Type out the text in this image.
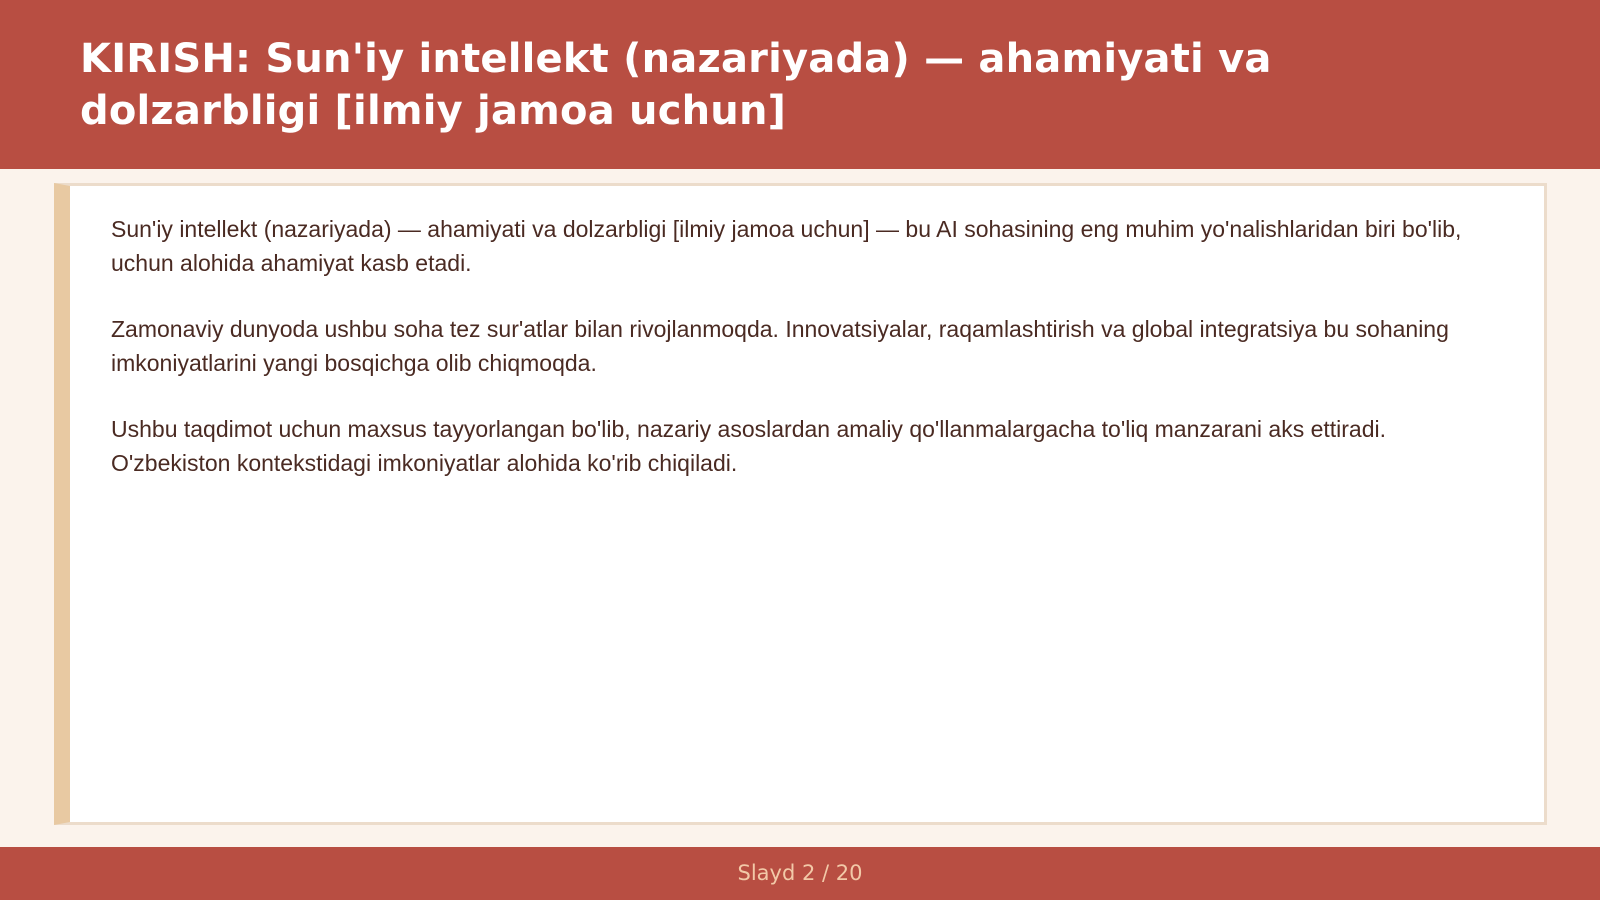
KIRISH: Sun'iy intellekt (nazariyada) — ahamiyati va dolzarbligi [ilmiy jamoa uchun]

Sun'iy intellekt (nazariyada) — ahamiyati va dolzarbligi [ilmiy jamoa uchun] — bu AI sohasining eng muhim yo'nalishlaridan biri bo'lib, uchun alohida ahamiyat kasb etadi.

Zamonaviy dunyoda ushbu soha tez sur'atlar bilan rivojlanmoqda. Innovatsiyalar, raqamlashtirish va global integratsiya bu sohaning imkoniyatlarini yangi bosqichga olib chiqmoqda.

Ushbu taqdimot uchun maxsus tayyorlangan bo'lib, nazariy asoslardan amaliy qo'llanmalargacha to'liq manzarani aks ettiradi. O'zbekiston kontekstidagi imkoniyatlar alohida ko'rib chiqiladi.

Slayd 2 / 20
